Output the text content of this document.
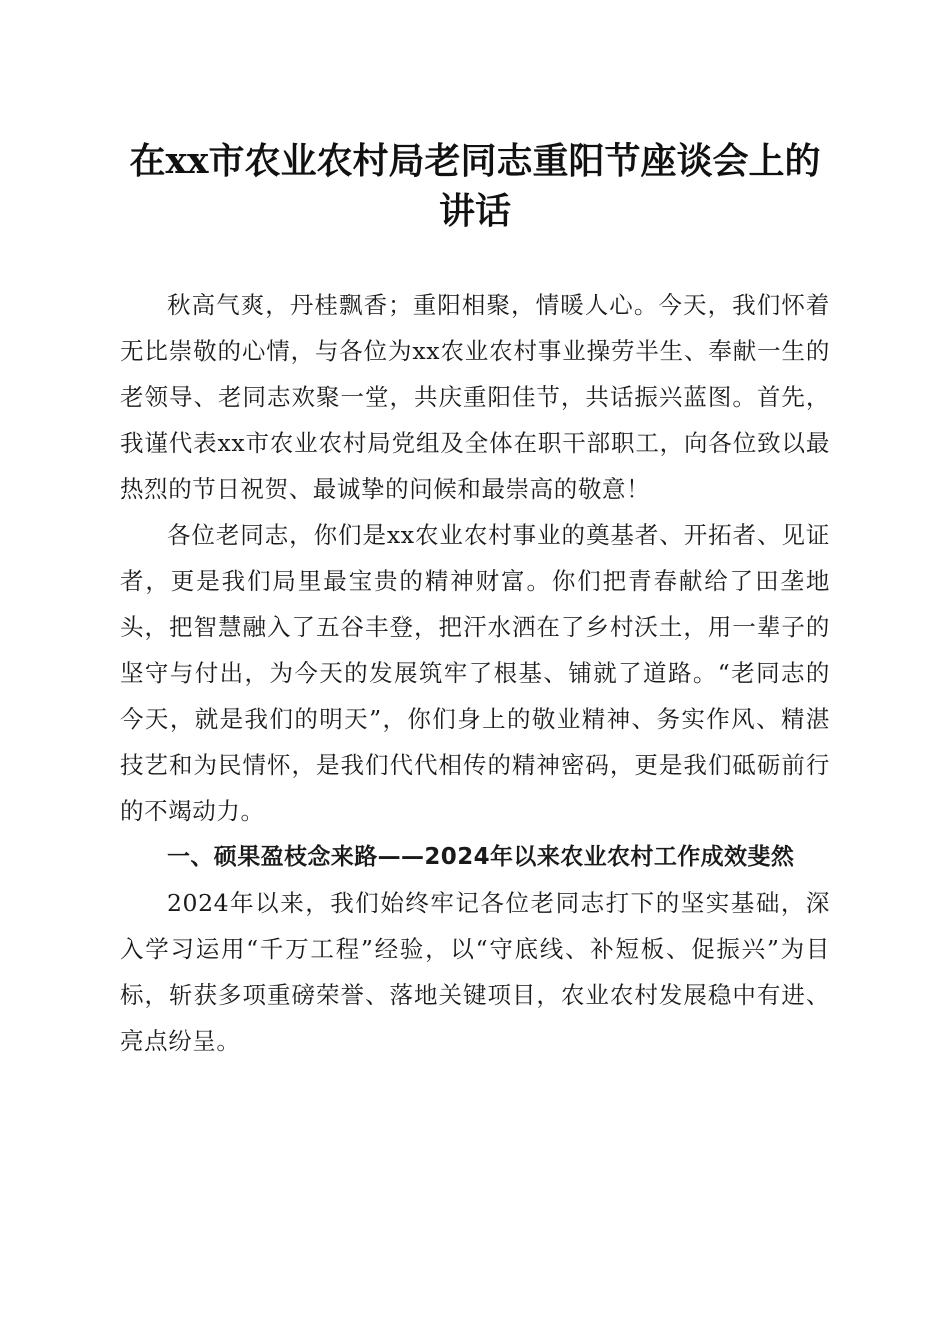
在xx市农业农村局老同志重阳节座谈会上的
讲话

秋高气爽，丹桂飘香；重阳相聚，情暖人心。今天，我们怀着无比崇敬的心情，与各位为xx农业农村事业操劳半生、奉献一生的老领导、老同志欢聚一堂，共庆重阳佳节，共话振兴蓝图。首先，我谨代表xx市农业农村局党组及全体在职干部职工，向各位致以最热烈的节日祝贺、最诚挚的问候和最崇高的敬意！

各位老同志，你们是xx农业农村事业的奠基者、开拓者、见证者，更是我们局里最宝贵的精神财富。你们把青春献给了田垄地头，把智慧融入了五谷丰登，把汗水洒在了乡村沃土，用一辈子的坚守与付出，为今天的发展筑牢了根基、铺就了道路。“老同志的今天，就是我们的明天”，你们身上的敬业精神、务实作风、精湛技艺和为民情怀，是我们代代相传的精神密码，更是我们砥砺前行的不竭动力。

一、硕果盈枝念来路——2024年以来农业农村工作成效斐然

2024年以来，我们始终牢记各位老同志打下的坚实基础，深入学习运用“千万工程”经验，以“守底线、补短板、促振兴”为目标，斩获多项重磅荣誉、落地关键项目，农业农村发展稳中有进、亮点纷呈。
